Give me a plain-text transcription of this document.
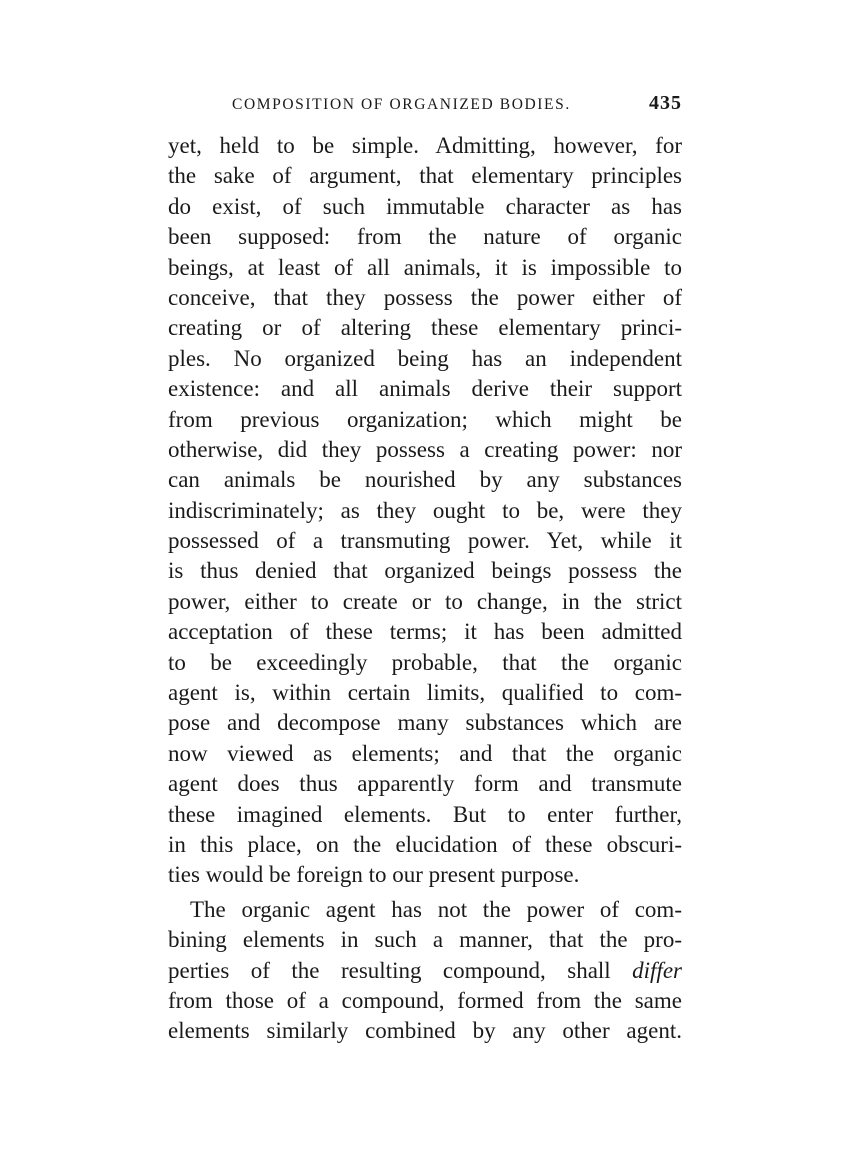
COMPOSITION OF ORGANIZED BODIES.	435
yet, held to be simple. Admitting, however, for
the sake of argument, that elementary principles
do exist, of such immutable character as has
been supposed: from the nature of organic
beings, at least of all animals, it is impossible to
conceive, that they possess the power either of
creating or of altering these elementary princi-
ples. No organized being has an independent
existence: and all animals derive their support
from previous organization; which might be
otherwise, did they possess a creating power: nor
can animals be nourished by any substances
indiscriminately; as they ought to be, were they
possessed of a transmuting power. Yet, while it
is thus denied that organized beings possess the
power, either to create or to change, in the strict
acceptation of these terms; it has been admitted
to be exceedingly probable, that the organic
agent is, within certain limits, qualified to com-
pose and decompose many substances which are
now viewed as elements; and that the organic
agent does thus apparently form and transmute
these imagined elements. But to enter further,
in this place, on the elucidation of these obscuri-
ties would be foreign to our present purpose.
The organic agent has not the power of com-
bining elements in such a manner, that the pro-
perties of the resulting compound, shall differ
from those of a compound, formed from the same
elements similarly combined by any other agent.
